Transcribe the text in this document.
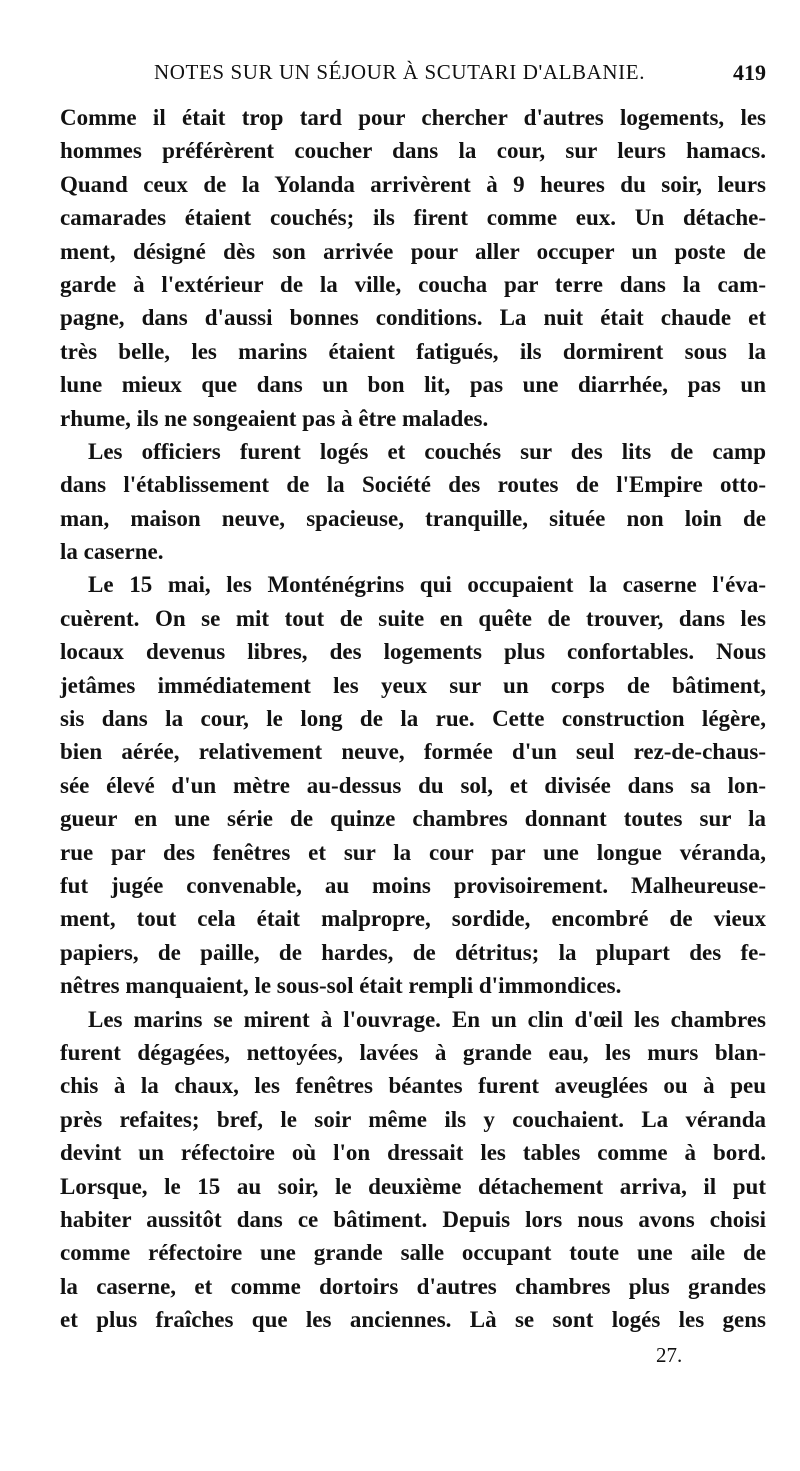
NOTES SUR UN SÉJOUR À SCUTARI D'ALBANIE.	419
Comme il était trop tard pour chercher d'autres logements, les
hommes préférèrent coucher dans la cour, sur leurs hamacs.
Quand ceux de la Yolanda arrivèrent à 9 heures du soir, leurs
camarades étaient couchés; ils firent comme eux. Un détache-
ment, désigné dès son arrivée pour aller occuper un poste de
garde à l'extérieur de la ville, coucha par terre dans la cam-
pagne, dans d'aussi bonnes conditions. La nuit était chaude et
très belle, les marins étaient fatigués, ils dormirent sous la
lune mieux que dans un bon lit, pas une diarrhée, pas un
rhume, ils ne songeaient pas à être malades.
Les officiers furent logés et couchés sur des lits de camp
dans l'établissement de la Société des routes de l'Empire otto-
man, maison neuve, spacieuse, tranquille, située non loin de
la caserne.
Le 15 mai, les Monténégrins qui occupaient la caserne l'éva-
cuèrent. On se mit tout de suite en quête de trouver, dans les
locaux devenus libres, des logements plus confortables. Nous
jetâmes immédiatement les yeux sur un corps de bâtiment,
sis dans la cour, le long de la rue. Cette construction légère,
bien aérée, relativement neuve, formée d'un seul rez-de-chaus-
sée élevé d'un mètre au-dessus du sol, et divisée dans sa lon-
gueur en une série de quinze chambres donnant toutes sur la
rue par des fenêtres et sur la cour par une longue véranda,
fut jugée convenable, au moins provisoirement. Malheureuse-
ment, tout cela était malpropre, sordide, encombré de vieux
papiers, de paille, de hardes, de détritus; la plupart des fe-
nêtres manquaient, le sous-sol était rempli d'immondices.
Les marins se mirent à l'ouvrage. En un clin d'œil les chambres
furent dégagées, nettoyées, lavées à grande eau, les murs blan-
chis à la chaux, les fenêtres béantes furent aveuglées ou à peu
près refaites; bref, le soir même ils y couchaient. La véranda
devint un réfectoire où l'on dressait les tables comme à bord.
Lorsque, le 15 au soir, le deuxième détachement arriva, il put
habiter aussitôt dans ce bâtiment. Depuis lors nous avons choisi
comme réfectoire une grande salle occupant toute une aile de
la caserne, et comme dortoirs d'autres chambres plus grandes
et plus fraîches que les anciennes. Là se sont logés les gens
27.
